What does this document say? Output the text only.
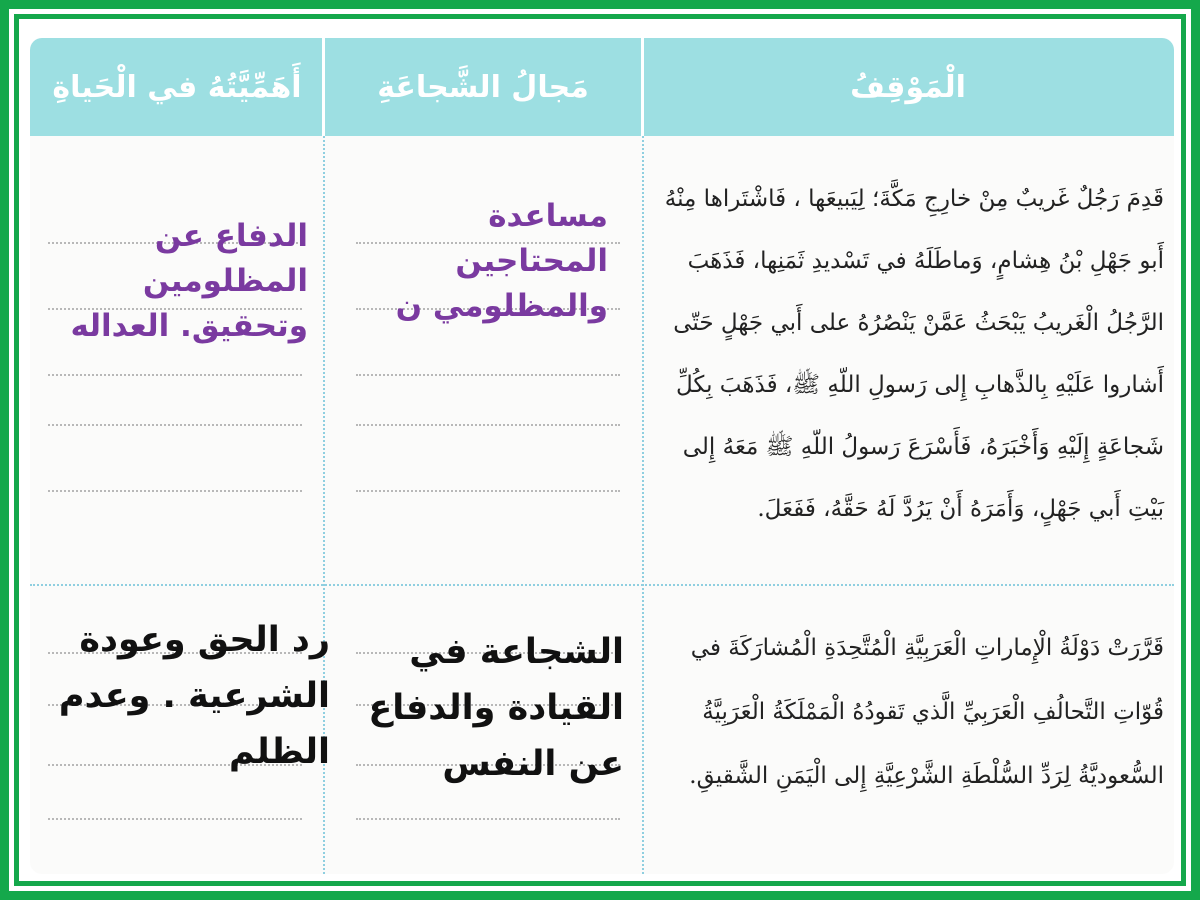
الْمَوْقِفُ
مَجالُ الشَّجاعَةِ
أَهَمِّيَّتُهُ في الْحَياةِ
قَدِمَ رَجُلٌ غَريبٌ مِنْ خارِجِ مَكَّةَ؛ لِيَبيعَها ، فَاشْتَراها مِنْهُ أَبو جَهْلِ بْنُ هِشامٍ، وَماطَلَهُ في تَسْديدِ ثَمَنِها، فَذَهَبَ الرَّجُلُ الْغَريبُ يَبْحَثُ عَمَّنْ يَنْصُرُهُ على أَبي جَهْلٍ حَتّى أَشاروا عَلَيْهِ بِالذَّهابِ إِلى رَسولِ اللّهِ ﷺ، فَذَهَبَ بِكُلِّ شَجاعَةٍ إِلَيْهِ وَأَخْبَرَهُ، فَأَسْرَعَ رَسولُ اللّهِ ﷺ مَعَهُ إِلى بَيْتِ أَبي جَهْلٍ، وَأَمَرَهُ أَنْ يَرُدَّ لَهُ حَقَّهُ، فَفَعَلَ.
مساعدة المحتاجين والمظلومي ن
الدفاع عن المظلومين وتحقيق. العداله
قَرَّرَتْ دَوْلَةُ الْإِماراتِ الْعَرَبِيَّةِ الْمُتَّحِدَةِ الْمُشارَكَةَ في قُوّاتِ التَّحالُفِ الْعَرَبِيِّ الَّذي تَقودُهُ الْمَمْلَكَةُ الْعَرَبِيَّةُ السُّعوديَّةُ لِرَدِّ السُّلْطَةِ الشَّرْعِيَّةِ إِلى الْيَمَنِ الشَّقيقِ.
الشجاعة في القيادة والدفاع عن النفس
رد الحق وعودة الشرعية . وعدم الظلم
